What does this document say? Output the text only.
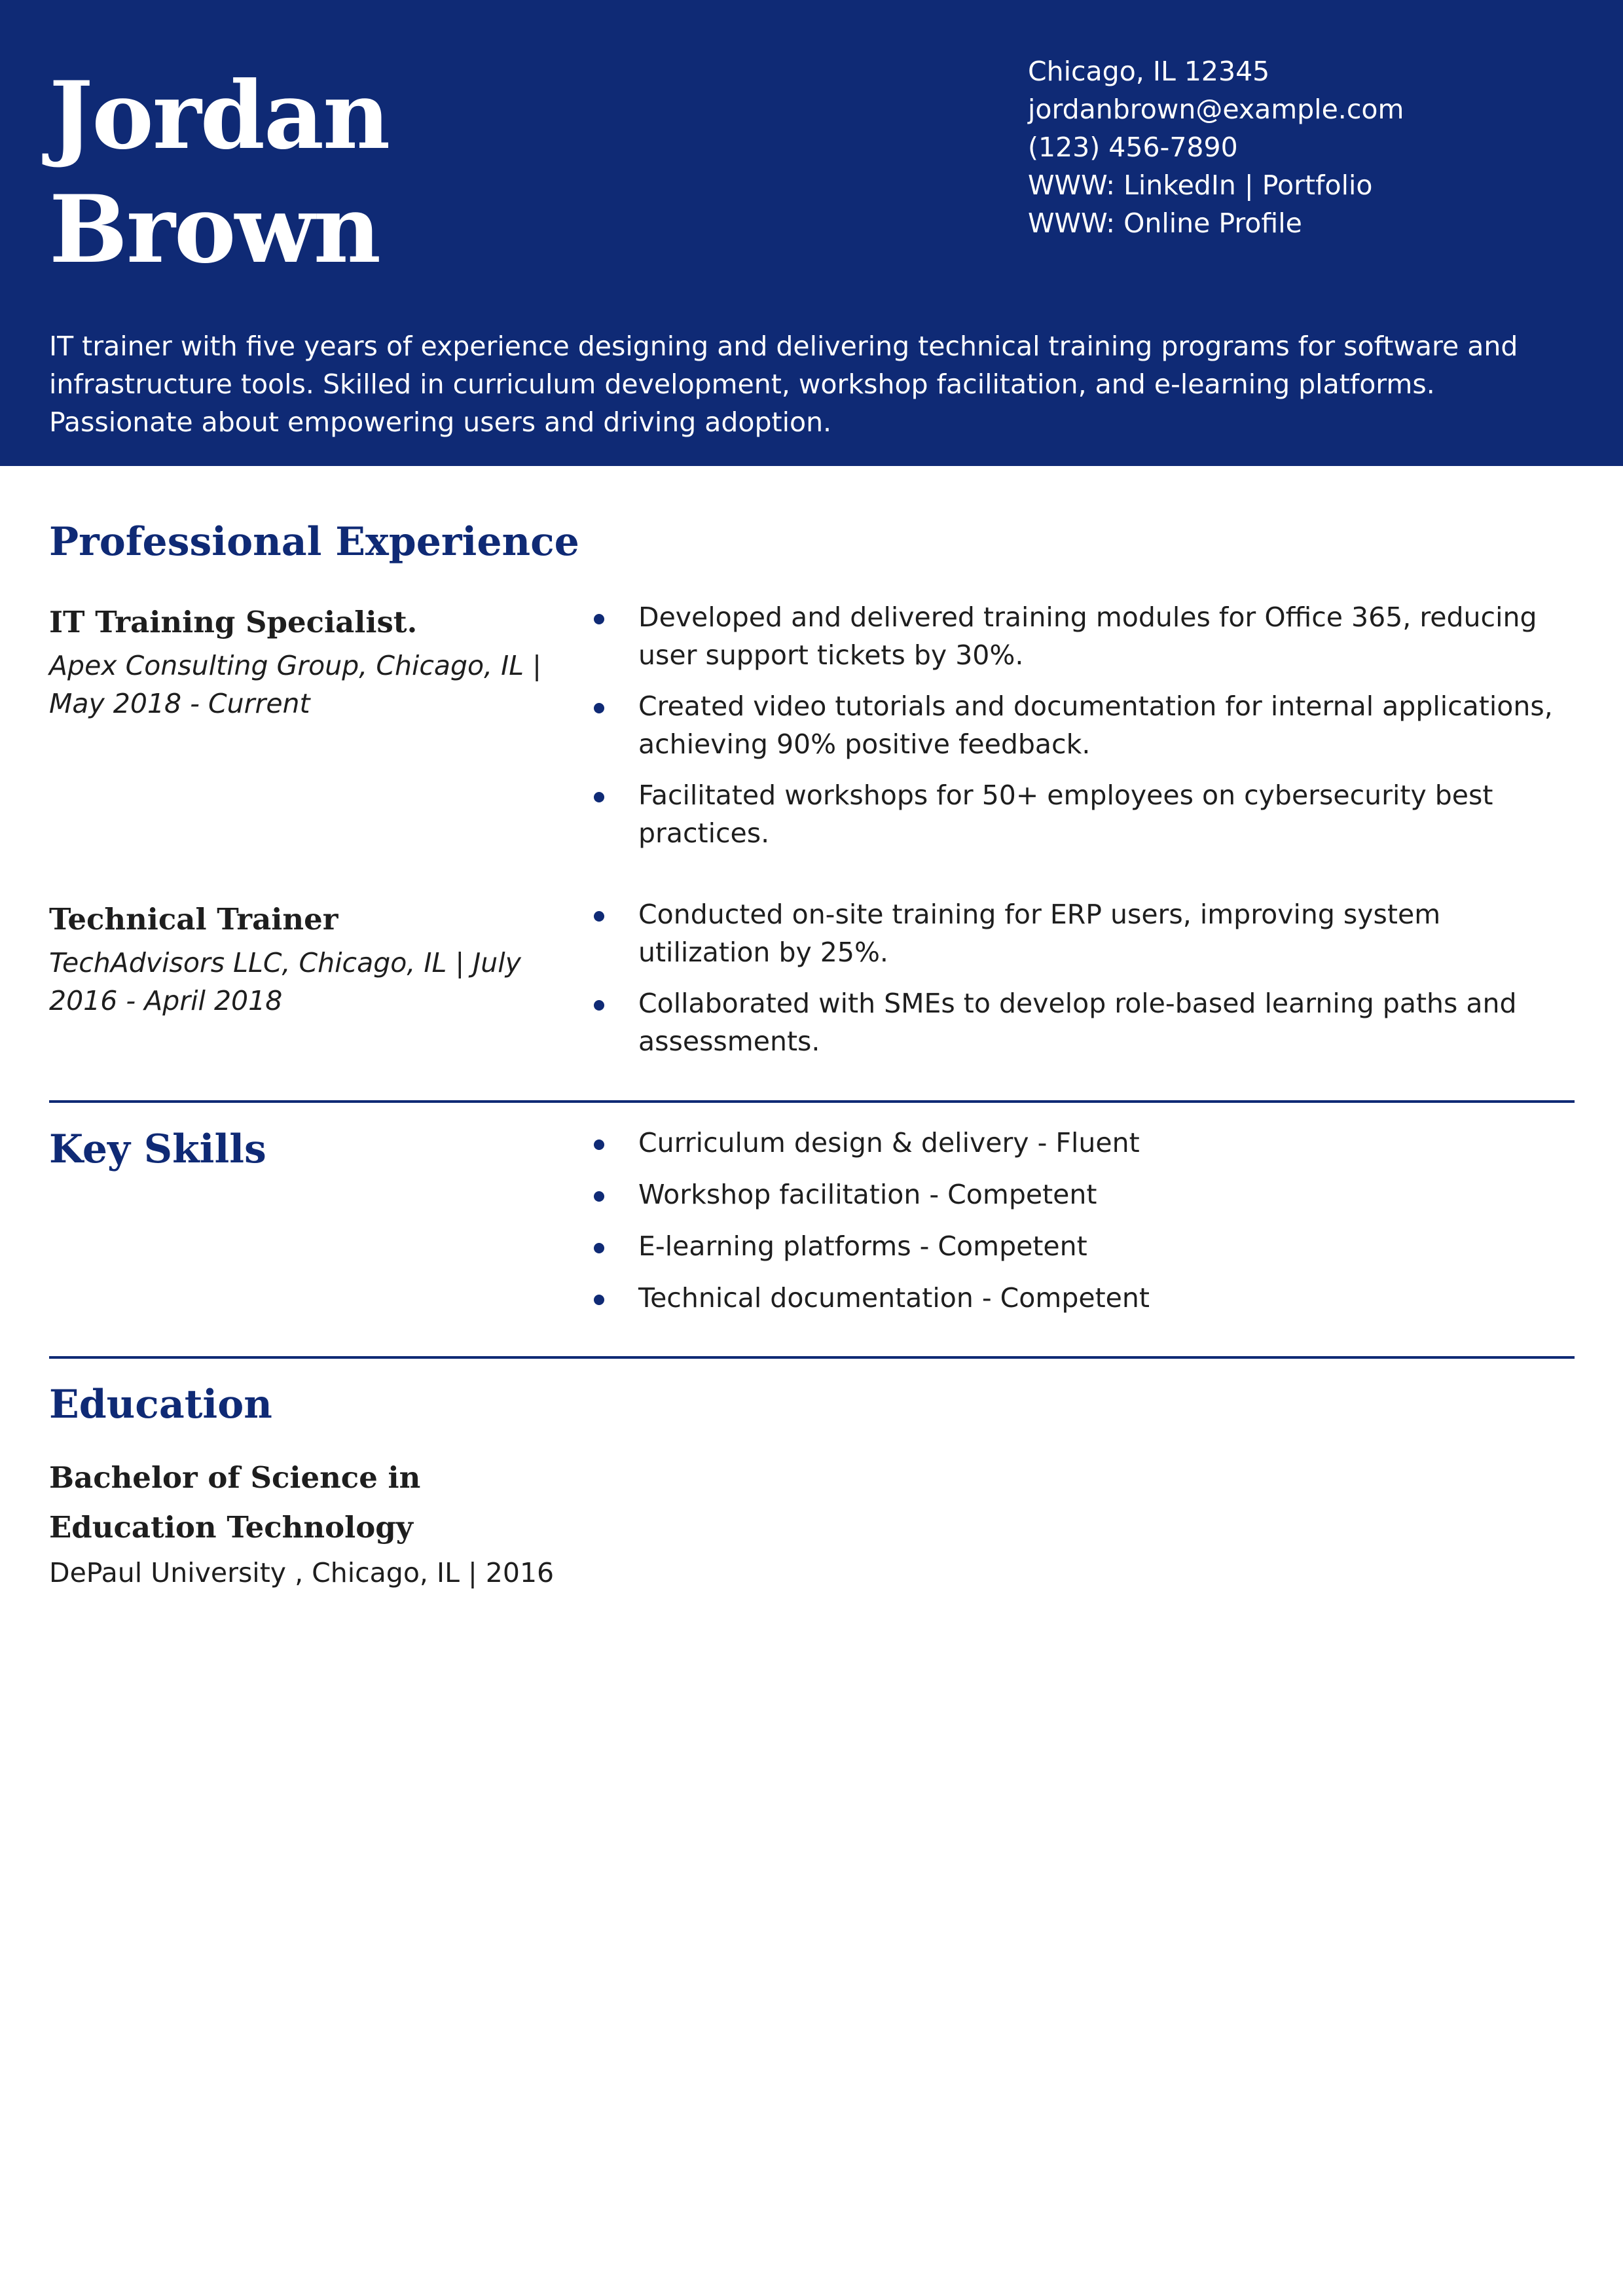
Jordan
Brown
Chicago, IL 12345
jordanbrown@example.com
(123) 456-7890
WWW: LinkedIn | Portfolio
WWW: Online Profile
IT trainer with five years of experience designing and delivering technical training programs for software and infrastructure tools. Skilled in curriculum development, workshop facilitation, and e-learning platforms. Passionate about empowering users and driving adoption.
Professional Experience
IT Training Specialist.
Apex Consulting Group, Chicago, IL | May 2018 - Current
Developed and delivered training modules for Office 365, reducing user support tickets by 30%.
Created video tutorials and documentation for internal applications, achieving 90% positive feedback.
Facilitated workshops for 50+ employees on cybersecurity best practices.
Technical Trainer
TechAdvisors LLC, Chicago, IL | July 2016 - April 2018
Conducted on-site training for ERP users, improving system utilization by 25%.
Collaborated with SMEs to develop role-based learning paths and assessments.
Key Skills	Curriculum design & delivery - Fluent
Workshop facilitation - Competent
E-learning platforms - Competent
Technical documentation - Competent
Education
Bachelor of Science in Education Technology
DePaul University , Chicago, IL | 2016
